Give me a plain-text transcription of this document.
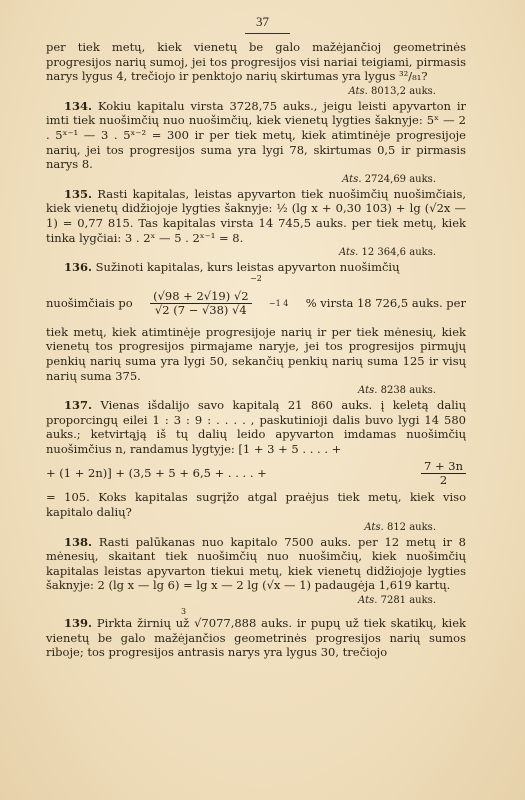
37

per tiek metų, kiek vienetų be galo mažėjančioj geometrinės progresijos narių sumoj, jei tos progresijos visi nariai teigiami, pirmasis narys lygus 4, trečiojo ir penktojo narių skirtumas yra lygus ³²/₈₁?

Ats. 8013,2 auks.

134. Kokiu kapitalu virsta 3728,75 auks., jeigu leisti apyvarton ir imti tiek nuošimčių nuo nuošimčių, kiek vienetų lygties šaknyje: 5ˣ — 2 . 5ˣ⁻¹ — 3 . 5ˣ⁻² = 300 ir per tiek metų, kiek atimtinėje progresijoje narių, jei tos progresijos suma yra lygi 78, skirtumas 0,5 ir pirmasis narys 8.

Ats. 2724,69 auks.

135. Rasti kapitalas, leistas apyvarton tiek nuošimčių nuošimčiais, kiek vienetų didžiojoje lygties šaknyje: ½ (lg x + 0,30 103) + lg (√2x — 1) = 0,77 815. Tas kapitalas virsta 14 745,5 auks. per tiek metų, kiek tinka lygčiai: 3 . 2ˣ — 5 . 2ˣ⁻¹ = 8.

Ats. 12 364,6 auks.

136. Sužinoti kapitalas, kurs leistas apyvarton nuošimčių

−2
nuošimčiais po $\frac{(√98 + 2√19) √2}{√2 (7 - √38) √4} -1$ 4 % virsta 18 726,5 auks. per

tiek metų, kiek atimtinėje progresijoje narių ir per tiek mėnesių, kiek vienetų tos progresijos pirmajame naryje, jei tos progresijos pirmųjų penkių narių suma yra lygi 50, sekančių penkių narių suma 125 ir visų narių suma 375.

Ats. 8238 auks.

137. Vienas išdalijo savo kapitalą 21 860 auks. į keletą dalių proporcingų eilei 1 : 3 : 9 : . . . . , paskutinioji dalis buvo lygi 14 580 auks.; ketvirtąją iš tų dalių leido apyvarton imdamas nuošimčių nuošimčius n, randamus lygtyje: [1 + 3 + 5 . . . . +

+ (1 + 2n)] + (3,5 + 5 + 6,5 + . . . . +	$\frac{7 + 3n}{2}$

= 105. Koks kapitalas sugrįžo atgal praėjus tiek metų, kiek viso kapitalo dalių?

Ats. 812 auks.

138. Rasti palūkanas nuo kapitalo 7500 auks. per 12 metų ir 8 mėnesių, skaitant tiek nuošimčių nuo nuošimčių, kiek nuošimčių kapitalas leistas apyvarton tiekui metų, kiek vienetų didžiojoje lygties šaknyje: 2 (lg x — lg 6) = lg x — 2 lg (√x — 1) padaugėja 1,619 kartų.

Ats. 7281 auks.
3

139. Pirkta žirnių už √7077,888 auks. ir pupų už tiek skatikų, kiek vienetų be galo mažėjančios geometrinės progresijos narių sumos riboje; tos progresijos antrasis narys yra lygus 30, trečiojo
